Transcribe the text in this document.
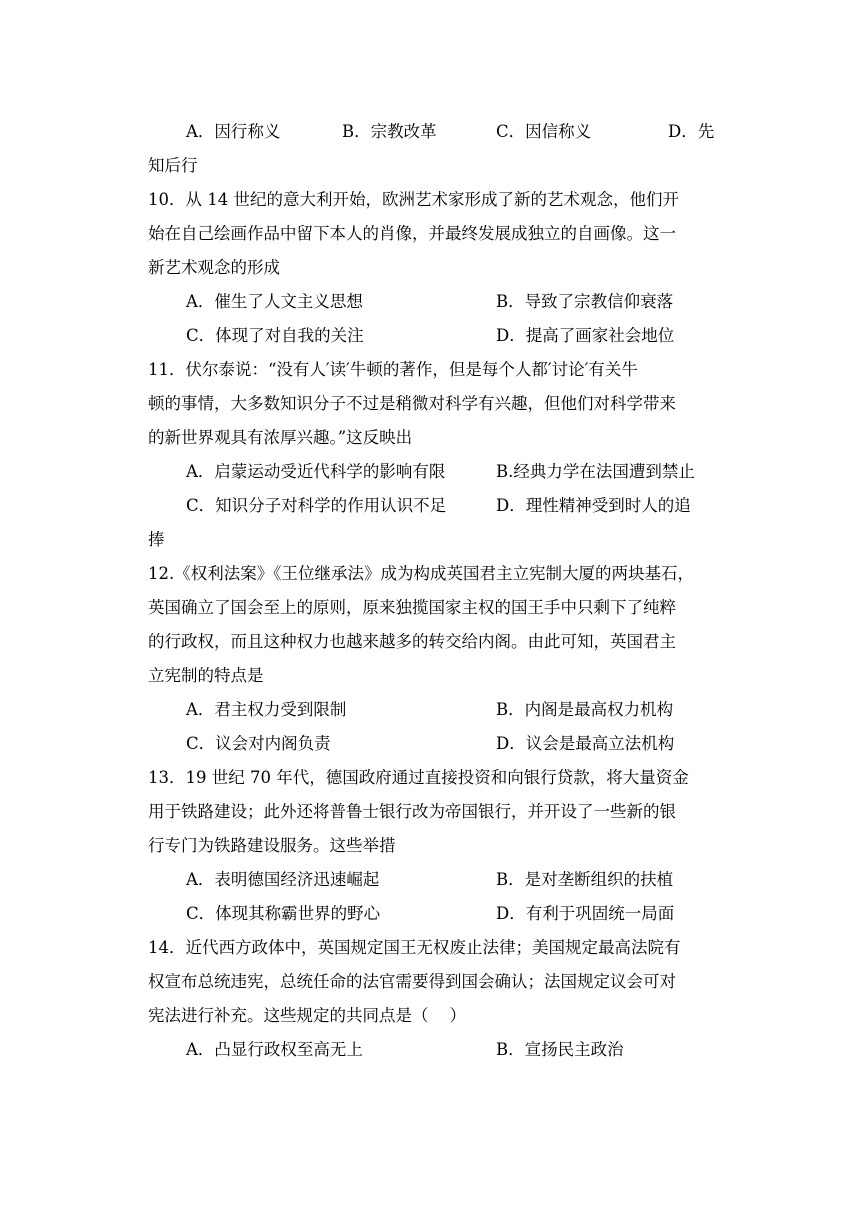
A．因行称义	B．宗教改革	C．因信称义	D．先
知后行
10．从 14 世纪的意大利开始，欧洲艺术家形成了新的艺术观念，他们开
始在自己绘画作品中留下本人的肖像，并最终发展成独立的自画像。这一
新艺术观念的形成
A．催生了人文主义思想	B．导致了宗教信仰衰落
C．体现了对自我的关注	D．提高了画家社会地位
11．伏尔泰说：“没有人′读′牛顿的著作，但是每个人都′讨论′有关牛
顿的事情，大多数知识分子不过是稍微对科学有兴趣，但他们对科学带来
的新世界观具有浓厚兴趣。”这反映出
A．启蒙运动受近代科学的影响有限	B.经典力学在法国遭到禁止
C．知识分子对科学的作用认识不足	D．理性精神受到时人的追
捧
12.《权利法案》《王位继承法》成为构成英国君主立宪制大厦的两块基石，
英国确立了国会至上的原则，原来独揽国家主权的国王手中只剩下了纯粹
的行政权，而且这种权力也越来越多的转交给内阁。由此可知，英国君主
立宪制的特点是
A．君主权力受到限制	B．内阁是最高权力机构
C．议会对内阁负责	D．议会是最高立法机构
13．19 世纪 70 年代，德国政府通过直接投资和向银行贷款，将大量资金
用于铁路建设；此外还将普鲁士银行改为帝国银行，并开设了一些新的银
行专门为铁路建设服务。这些举措
A．表明德国经济迅速崛起	B．是对垄断组织的扶植
C．体现其称霸世界的野心	D．有利于巩固统一局面
14．近代西方政体中，英国规定国王无权废止法律；美国规定最高法院有
权宣布总统违宪，总统任命的法官需要得到国会确认；法国规定议会可对
宪法进行补充。这些规定的共同点是（    ）
A．凸显行政权至高无上	B．宣扬民主政治
